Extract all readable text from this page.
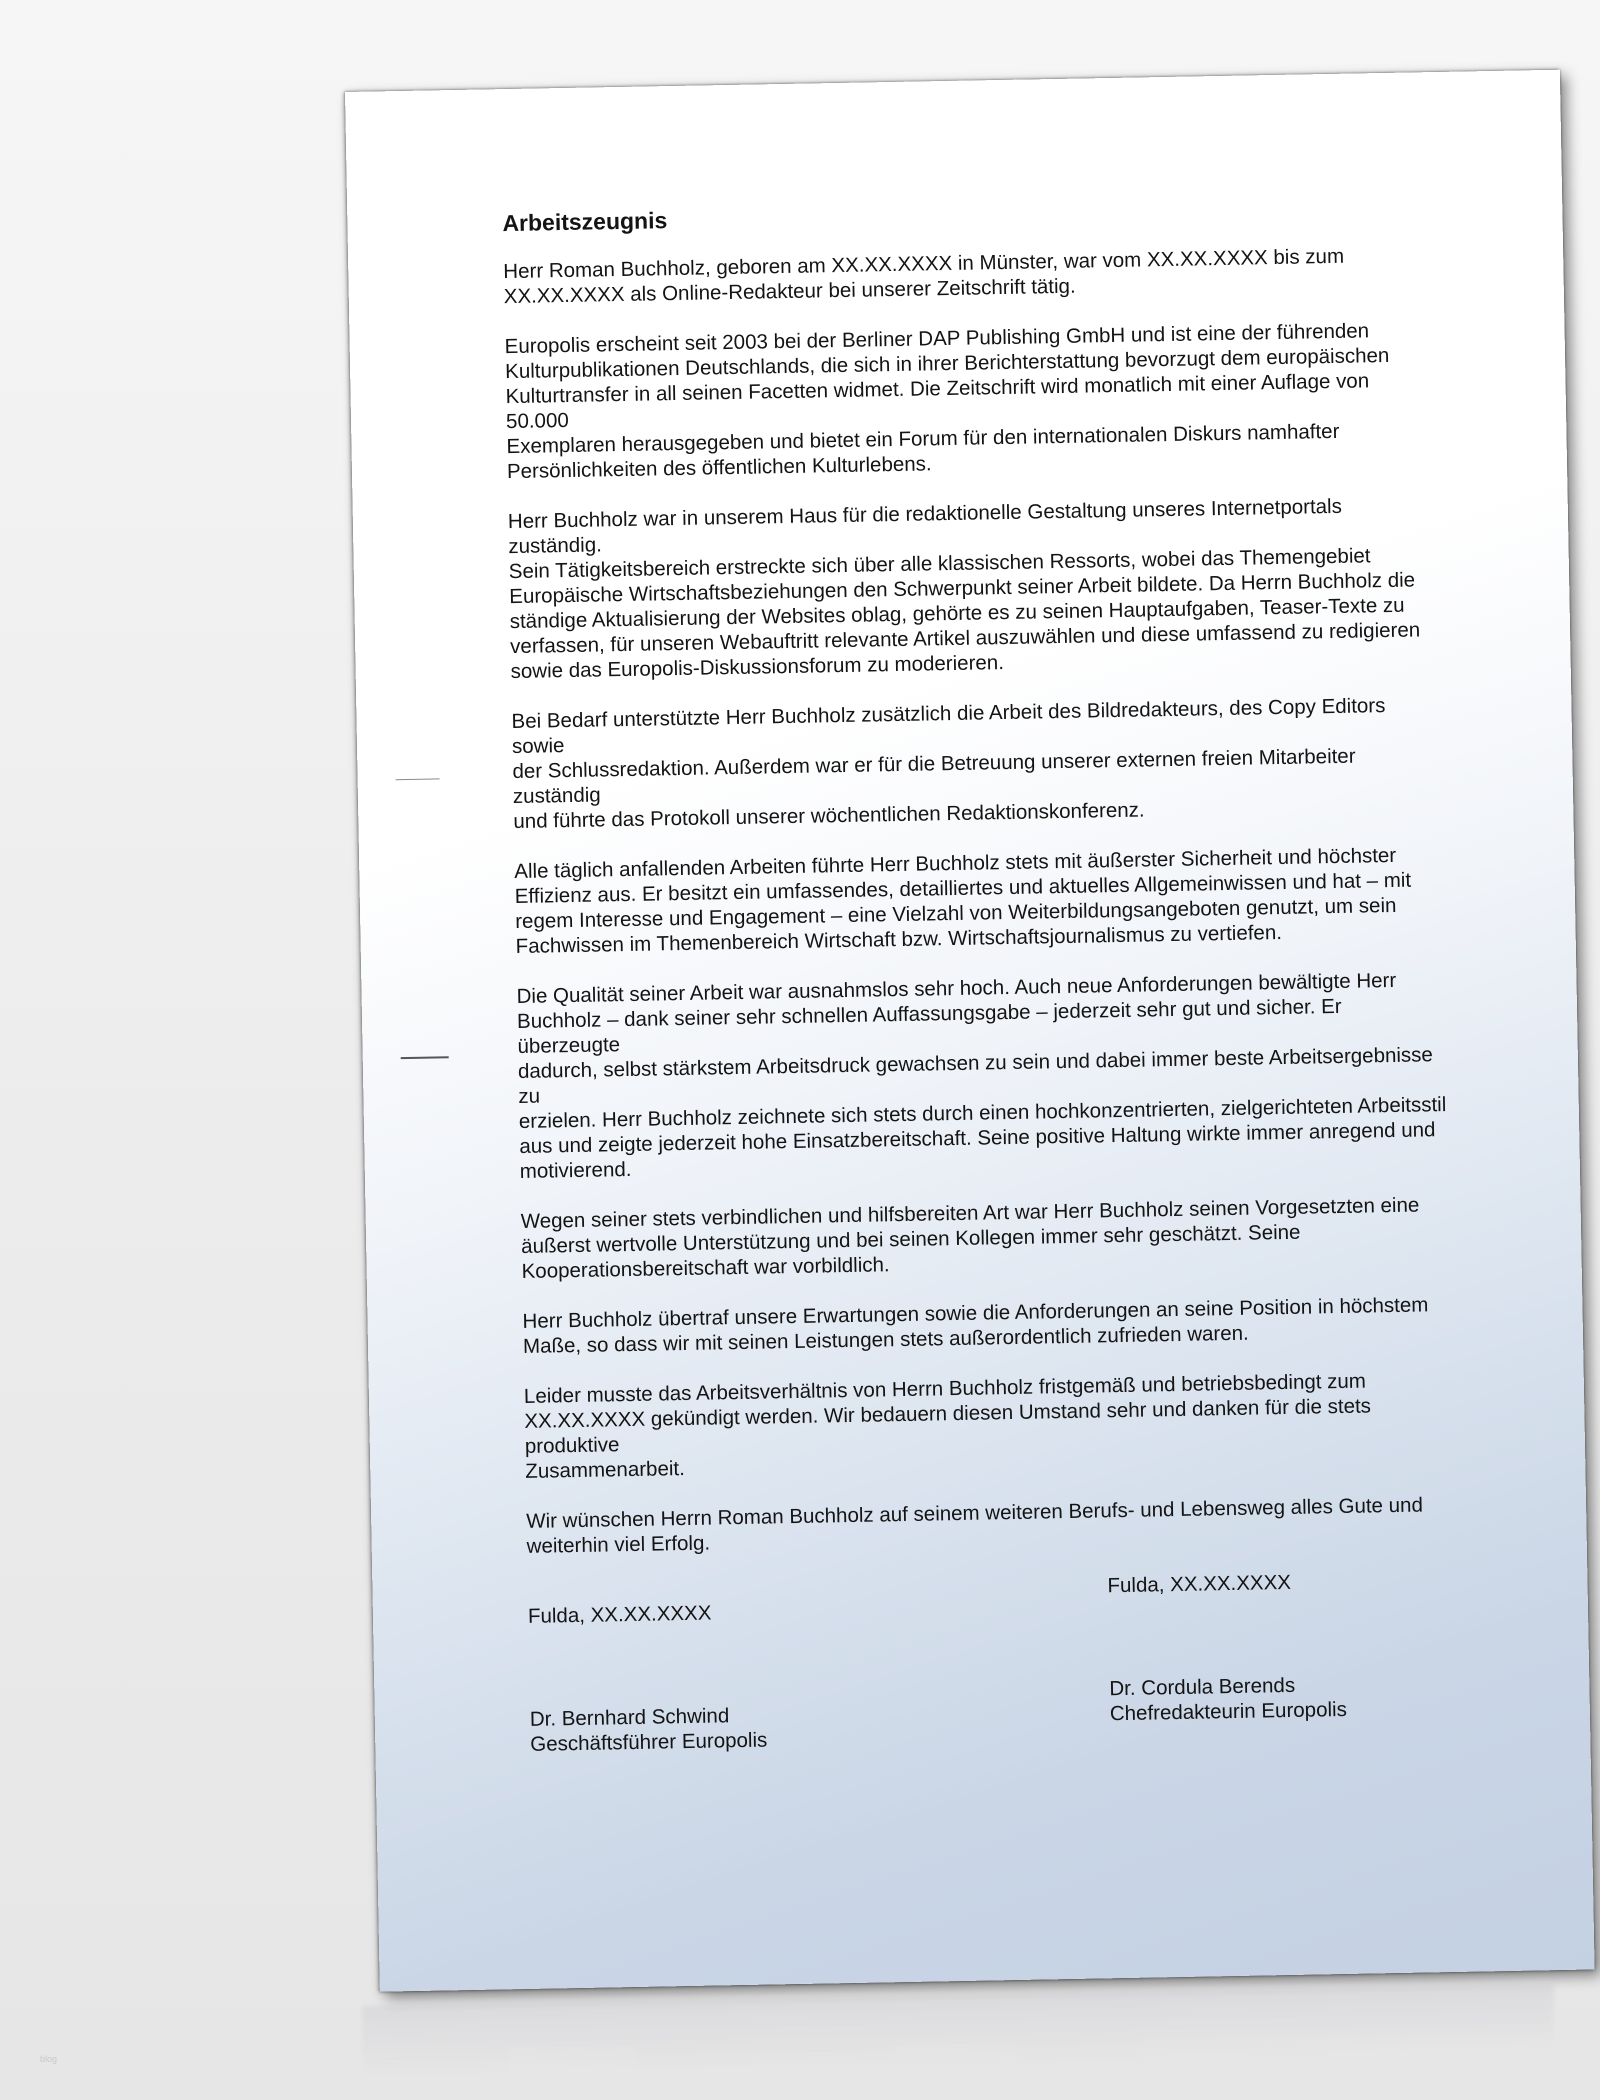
Arbeitszeugnis
Herr Roman Buchholz, geboren am XX.XX.XXXX in Münster, war vom XX.XX.XXXX bis zum
XX.XX.XXXX als Online-Redakteur bei unserer Zeitschrift tätig.
Europolis erscheint seit 2003 bei der Berliner DAP Publishing GmbH und ist eine der führenden
Kulturpublikationen Deutschlands, die sich in ihrer Berichterstattung bevorzugt dem europäischen
Kulturtransfer in all seinen Facetten widmet. Die Zeitschrift wird monatlich mit einer Auflage von 50.000
Exemplaren herausgegeben und bietet ein Forum für den internationalen Diskurs namhafter
Persönlichkeiten des öffentlichen Kulturlebens.
Herr Buchholz war in unserem Haus für die redaktionelle Gestaltung unseres Internetportals zuständig.
Sein Tätigkeitsbereich erstreckte sich über alle klassischen Ressorts, wobei das Themengebiet
Europäische Wirtschaftsbeziehungen den Schwerpunkt seiner Arbeit bildete. Da Herrn Buchholz die
ständige Aktualisierung der Websites oblag, gehörte es zu seinen Hauptaufgaben, Teaser-Texte zu
verfassen, für unseren Webauftritt relevante Artikel auszuwählen und diese umfassend zu redigieren
sowie das Europolis-Diskussionsforum zu moderieren.
Bei Bedarf unterstützte Herr Buchholz zusätzlich die Arbeit des Bildredakteurs, des Copy Editors sowie
der Schlussredaktion. Außerdem war er für die Betreuung unserer externen freien Mitarbeiter zuständig
und führte das Protokoll unserer wöchentlichen Redaktionskonferenz.
Alle täglich anfallenden Arbeiten führte Herr Buchholz stets mit äußerster Sicherheit und höchster
Effizienz aus. Er besitzt ein umfassendes, detailliertes und aktuelles Allgemeinwissen und hat – mit
regem Interesse und Engagement – eine Vielzahl von Weiterbildungsangeboten genutzt, um sein
Fachwissen im Themenbereich Wirtschaft bzw. Wirtschaftsjournalismus zu vertiefen.
Die Qualität seiner Arbeit war ausnahmslos sehr hoch. Auch neue Anforderungen bewältigte Herr
Buchholz – dank seiner sehr schnellen Auffassungsgabe – jederzeit sehr gut und sicher. Er überzeugte
dadurch, selbst stärkstem Arbeitsdruck gewachsen zu sein und dabei immer beste Arbeitsergebnisse zu
erzielen. Herr Buchholz zeichnete sich stets durch einen hochkonzentrierten, zielgerichteten Arbeitsstil
aus und zeigte jederzeit hohe Einsatzbereitschaft. Seine positive Haltung wirkte immer anregend und
motivierend.
Wegen seiner stets verbindlichen und hilfsbereiten Art war Herr Buchholz seinen Vorgesetzten eine
äußerst wertvolle Unterstützung und bei seinen Kollegen immer sehr geschätzt. Seine
Kooperationsbereitschaft war vorbildlich.
Herr Buchholz übertraf unsere Erwartungen sowie die Anforderungen an seine Position in höchstem
Maße, so dass wir mit seinen Leistungen stets außerordentlich zufrieden waren.
Leider musste das Arbeitsverhältnis von Herrn Buchholz fristgemäß und betriebsbedingt zum
XX.XX.XXXX gekündigt werden. Wir bedauern diesen Umstand sehr und danken für die stets produktive
Zusammenarbeit.
Wir wünschen Herrn Roman Buchholz auf seinem weiteren Berufs- und Lebensweg alles Gute und
weiterhin viel Erfolg.
Fulda, XX.XX.XXXX
Dr. Bernhard Schwind
Geschäftsführer Europolis
Fulda, XX.XX.XXXX
Dr. Cordula Berends
Chefredakteurin Europolis
blog
